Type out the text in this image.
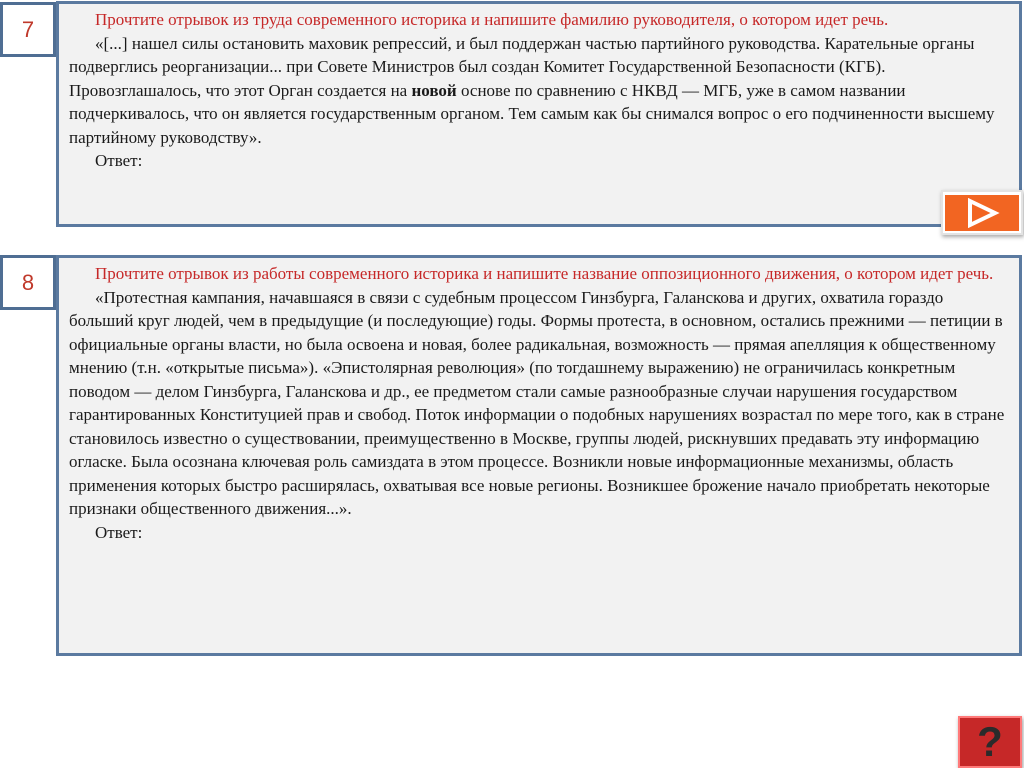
7	Прочтите отрывок из труда современного историка и напишите фамилию руководителя, о котором идет речь.

«[...] нашел силы остановить маховик репрессий, и был поддержан частью партийного руководства. Карательные органы подверглись реорганизации... при Совете Министров был создан Комитет Государственной Безопасности (КГБ). Провозглашалось, что этот Орган создается на новой основе по сравнению с НКВД — МГБ, уже в самом названии подчеркивалось, что он является государственным органом. Тем самым как бы снимался вопрос о его подчиненности высшему партийному руководству».

Ответ:

8	Прочтите отрывок из работы современного историка и напишите название оппозиционного движения, о котором идет речь.

«Протестная кампания, начавшаяся в связи с судебным процессом Гинзбурга, Галанскова и других, охватила гораздо больший круг людей, чем в предыдущие (и последующие) годы. Формы протеста, в основном, остались прежними — петиции в официальные органы власти, но была освоена и новая, более радикальная, возможность — прямая апелляция к общественному мнению (т.н. «открытые письма»). «Эпистолярная революция» (по тогдашнему выражению) не ограничилась конкретным поводом — делом Гинзбурга, Галанскова и др., ее предметом стали самые разнообразные случаи нарушения государством гарантированных Конституцией прав и свобод. Поток информации о подобных нарушениях возрастал по мере того, как в стране становилось известно о существовании, преимущественно в Москве, группы людей, рискнувших предавать эту информацию огласке. Была осознана ключевая роль самиздата в этом процессе. Возникли новые информационные механизмы, область применения которых быстро расширялась, охватывая все новые регионы. Возникшее брожение начало приобретать некоторые признаки общественного движения...».

Ответ:

?
